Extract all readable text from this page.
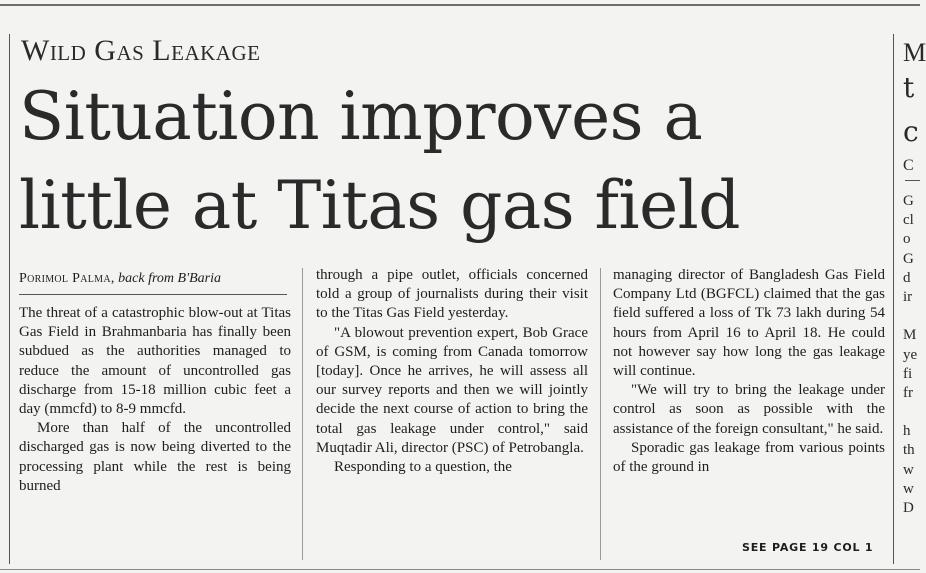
Wild Gas Leakage
Situation improves a
little at Titas gas field
Porimol Palma, back from B'Baria

The threat of a catastrophic blow-out at Titas Gas Field in Brahmanbaria has finally been subdued as the authorities managed to reduce the amount of uncontrolled gas discharge from 15-18 million cubic feet a day (mmcfd) to 8-9 mmcfd.

More than half of the uncontrolled discharged gas is now being diverted to the processing plant while the rest is being burned

through a pipe outlet, officials concerned told a group of journalists during their visit to the Titas Gas Field yesterday.

"A blowout prevention expert, Bob Grace of GSM, is coming from Canada tomorrow [today]. Once he arrives, he will assess all our survey reports and then we will jointly decide the next course of action to bring the total gas leakage under control," said Muqtadir Ali, director (PSC) of Petrobangla.

Responding to a question, the

managing director of Bangladesh Gas Field Company Ltd (BGFCL) claimed that the gas field suffered a loss of Tk 73 lakh during 54 hours from April 16 to April 18. He could not however say how long the gas leakage will continue.

"We will try to bring the leakage under control as soon as possible with the assistance of the foreign consultant," he said.

Sporadic gas leakage from various points of the ground in

SEE PAGE 19 COL 1
M
t
c
C
G
cl
o
G
d
ir
M
ye
fi
fr
h
th
w
w
D
